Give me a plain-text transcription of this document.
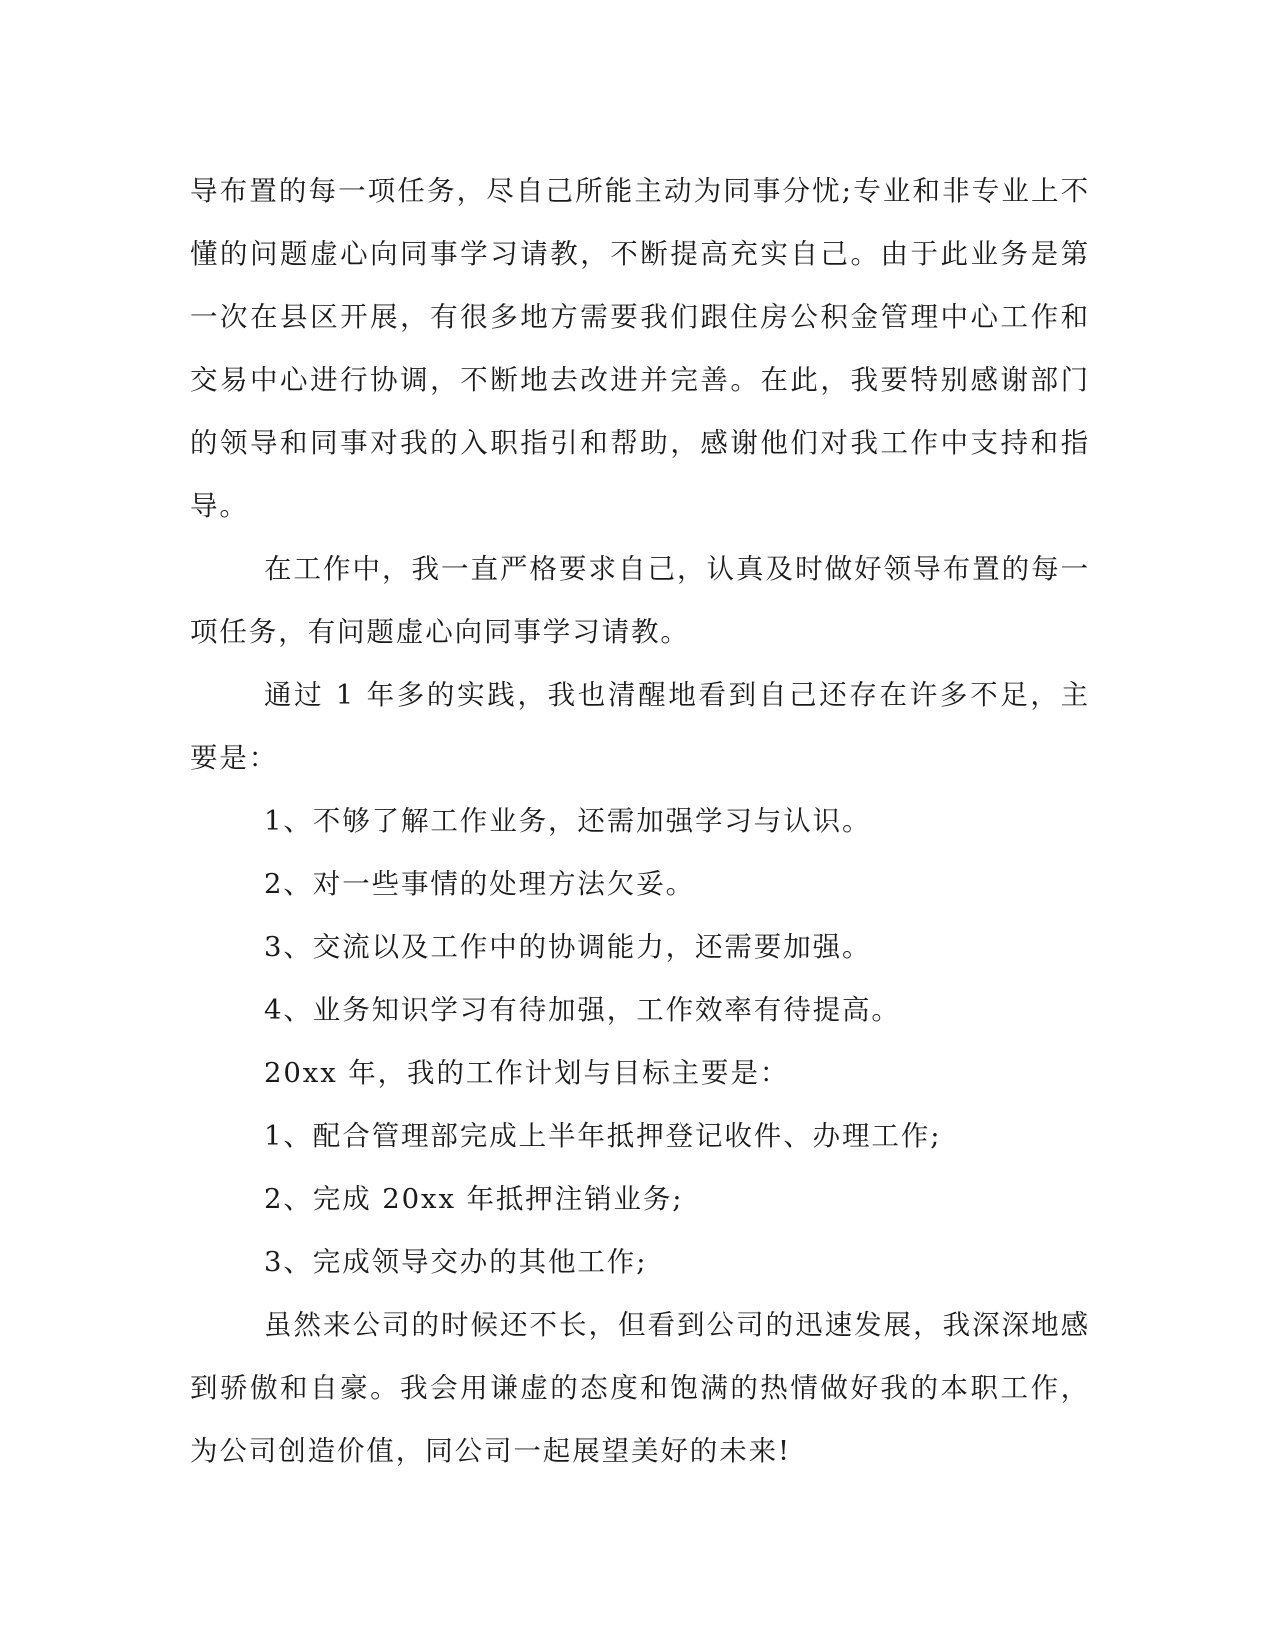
导布置的每一项任务，尽自己所能主动为同事分忧;专业和非专业上不懂的问题虚心向同事学习请教，不断提高充实自己。由于此业务是第一次在县区开展，有很多地方需要我们跟住房公积金管理中心工作和交易中心进行协调，不断地去改进并完善。在此，我要特别感谢部门的领导和同事对我的入职指引和帮助，感谢他们对我工作中支持和指导。

在工作中，我一直严格要求自己，认真及时做好领导布置的每一项任务，有问题虚心向同事学习请教。

通过 1 年多的实践，我也清醒地看到自己还存在许多不足，主要是：

1、不够了解工作业务，还需加强学习与认识。

2、对一些事情的处理方法欠妥。

3、交流以及工作中的协调能力，还需要加强。

4、业务知识学习有待加强，工作效率有待提高。

20xx 年，我的工作计划与目标主要是：

1、配合管理部完成上半年抵押登记收件、办理工作;

2、完成 20xx 年抵押注销业务;

3、完成领导交办的其他工作;

虽然来公司的时候还不长，但看到公司的迅速发展，我深深地感到骄傲和自豪。我会用谦虚的态度和饱满的热情做好我的本职工作，为公司创造价值，同公司一起展望美好的未来!
